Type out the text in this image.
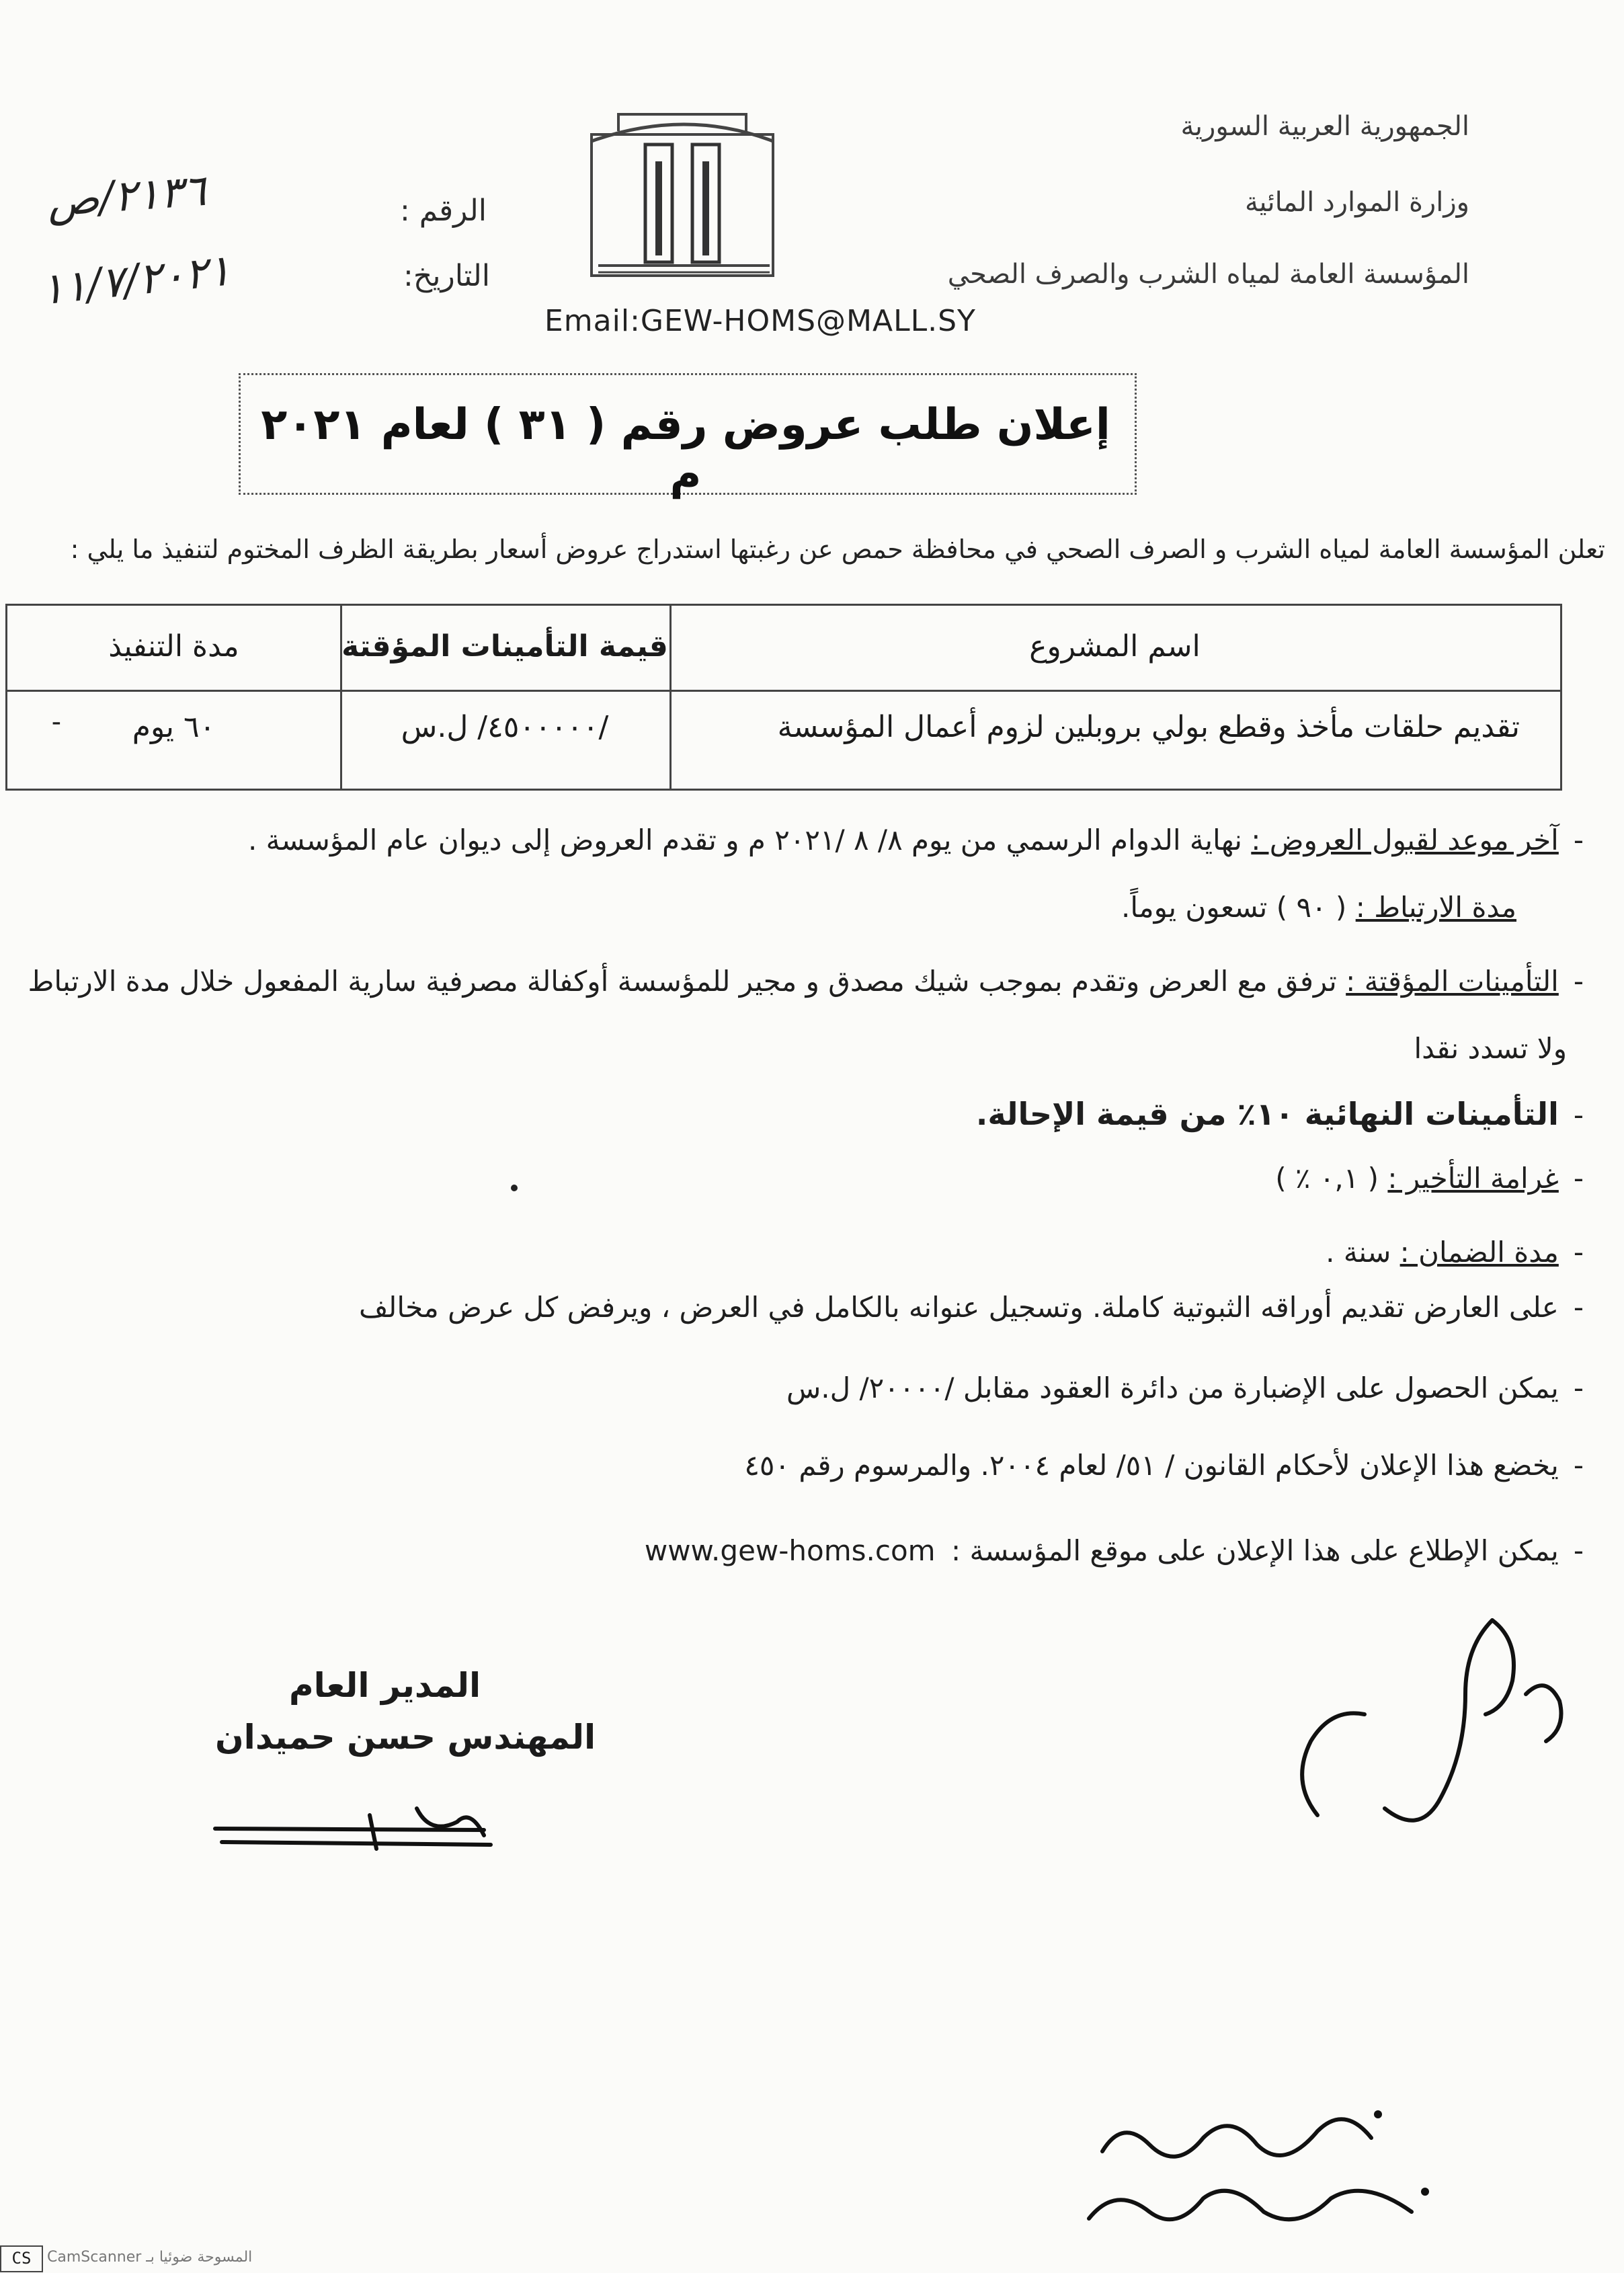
الجمهورية العربية السورية
وزارة الموارد المائية
المؤسسة العامة لمياه الشرب والصرف الصحي
الرقم :
٢١٣٦/ص
التاريخ:
١١/٧/٢٠٢١
Email:GEW-HOMS@MALL.SY
إعلان طلب عروض رقم ( ٣١ ) لعام ٢٠٢١ م
تعلن المؤسسة العامة لمياه الشرب و الصرف الصحي في محافظة حمص عن رغبتها استدراج عروض أسعار بطريقة الظرف المختوم لتنفيذ ما يلي :
اسم المشروع
قيمة التأمينات المؤقتة
مدة التنفيذ
تقديم حلقات مأخذ وقطع بولي بروبلين لزوم أعمال المؤسسة
-	/٤٥٠٠٠٠٠/ ل.س
٦٠ يوم
-آخر موعد لقبول العروض : نهاية الدوام الرسمي من يوم ٨/ ٨ /٢٠٢١ م و تقدم العروض إلى ديوان عام المؤسسة .
مدة الارتباط : ( ٩٠ ) تسعون يوماً.
-التأمينات المؤقتة : ترفق مع العرض وتقدم بموجب شيك مصدق و مجير للمؤسسة أوكفالة مصرفية سارية المفعول خلال مدة الارتباط
ولا تسدد نقدا
-التأمينات النهائية ١٠٪ من قيمة الإحالة.
-غرامة التأخير : ( ٠,١ ٪ )
-مدة الضمان : سنة .
-على العارض تقديم أوراقه الثبوتية كاملة. وتسجيل عنوانه بالكامل في العرض ، ويرفض كل عرض مخالف
-يمكن الحصول على الإضبارة من دائرة العقود مقابل /٢٠٠٠٠/ ل.س
-يخضع هذا الإعلان لأحكام القانون / ٥١/ لعام ٢٠٠٤. والمرسوم رقم ٤٥٠
-يمكن الإطلاع على هذا الإعلان على موقع المؤسسة : www.gew-homs.com
المدير العام
المهندس حسن حميدان
CS	CamScanner المسوحة ضوئيا بـ
